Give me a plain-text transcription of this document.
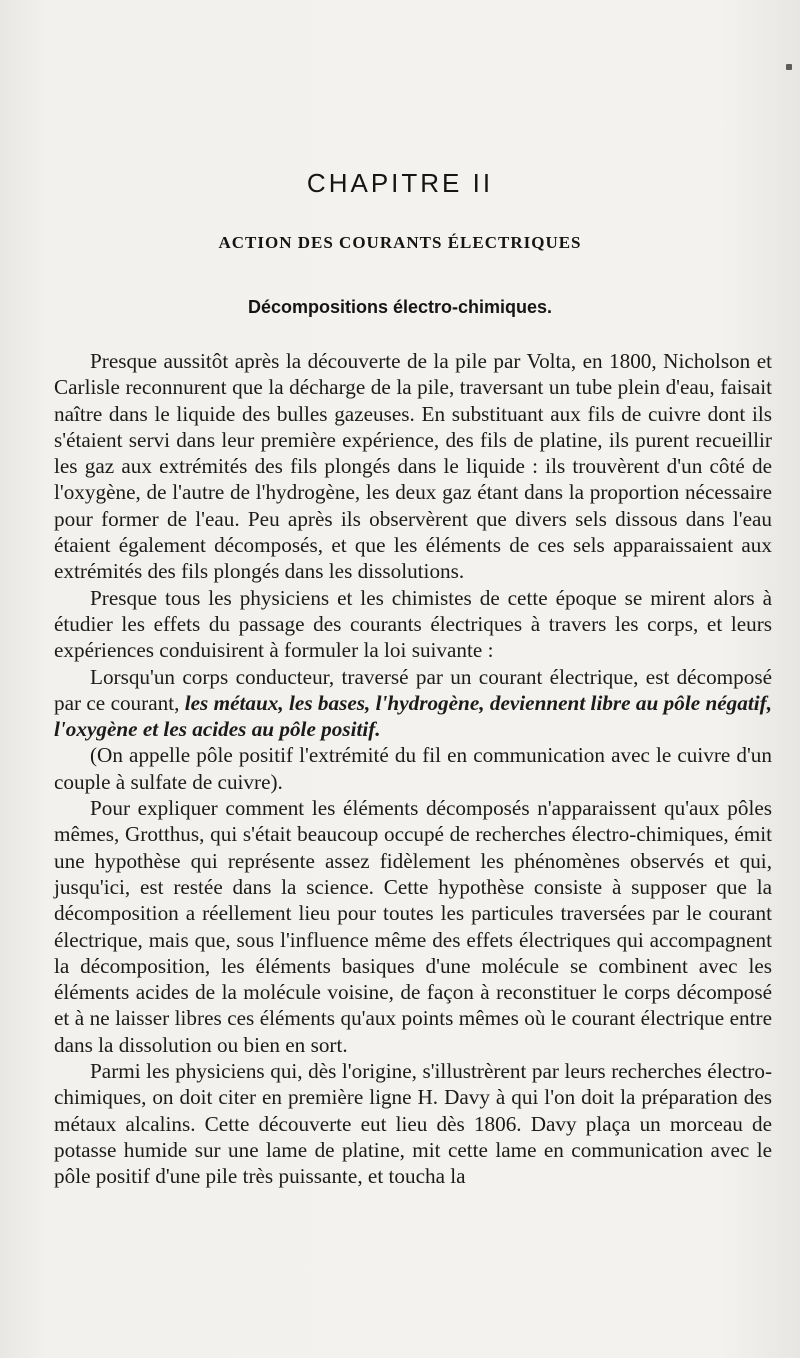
CHAPITRE II
ACTION DES COURANTS ÉLECTRIQUES
Décompositions électro-chimiques.

Presque aussitôt après la découverte de la pile par Volta, en 1800, Nicholson et Carlisle reconnurent que la décharge de la pile, traversant un tube plein d'eau, faisait naître dans le liquide des bulles gazeuses. En substituant aux fils de cuivre dont ils s'étaient servi dans leur première expérience, des fils de platine, ils purent recueillir les gaz aux extrémités des fils plongés dans le liquide : ils trouvèrent d'un côté de l'oxygène, de l'autre de l'hydrogène, les deux gaz étant dans la proportion nécessaire pour former de l'eau. Peu après ils observèrent que divers sels dissous dans l'eau étaient également décomposés, et que les éléments de ces sels apparaissaient aux extrémités des fils plongés dans les dissolutions.

Presque tous les physiciens et les chimistes de cette époque se mirent alors à étudier les effets du passage des courants électriques à travers les corps, et leurs expériences conduisirent à formuler la loi suivante :

Lorsqu'un corps conducteur, traversé par un courant électrique, est décomposé par ce courant, les métaux, les bases, l'hydrogène, deviennent libre au pôle négatif, l'oxygène et les acides au pôle positif.

(On appelle pôle positif l'extrémité du fil en communication avec le cuivre d'un couple à sulfate de cuivre).

Pour expliquer comment les éléments décomposés n'apparaissent qu'aux pôles mêmes, Grotthus, qui s'était beaucoup occupé de recherches électro-chimiques, émit une hypothèse qui représente assez fidèlement les phénomènes observés et qui, jusqu'ici, est restée dans la science. Cette hypothèse consiste à supposer que la décomposition a réellement lieu pour toutes les particules traversées par le courant électrique, mais que, sous l'influence même des effets électriques qui accompagnent la décomposition, les éléments basiques d'une molécule se combinent avec les éléments acides de la molécule voisine, de façon à reconstituer le corps décomposé et à ne laisser libres ces éléments qu'aux points mêmes où le courant électrique entre dans la dissolution ou bien en sort.

Parmi les physiciens qui, dès l'origine, s'illustrèrent par leurs recherches électro-chimiques, on doit citer en première ligne H. Davy à qui l'on doit la préparation des métaux alcalins. Cette découverte eut lieu dès 1806. Davy plaça un morceau de potasse humide sur une lame de platine, mit cette lame en communication avec le pôle positif d'une pile très puissante, et toucha la
